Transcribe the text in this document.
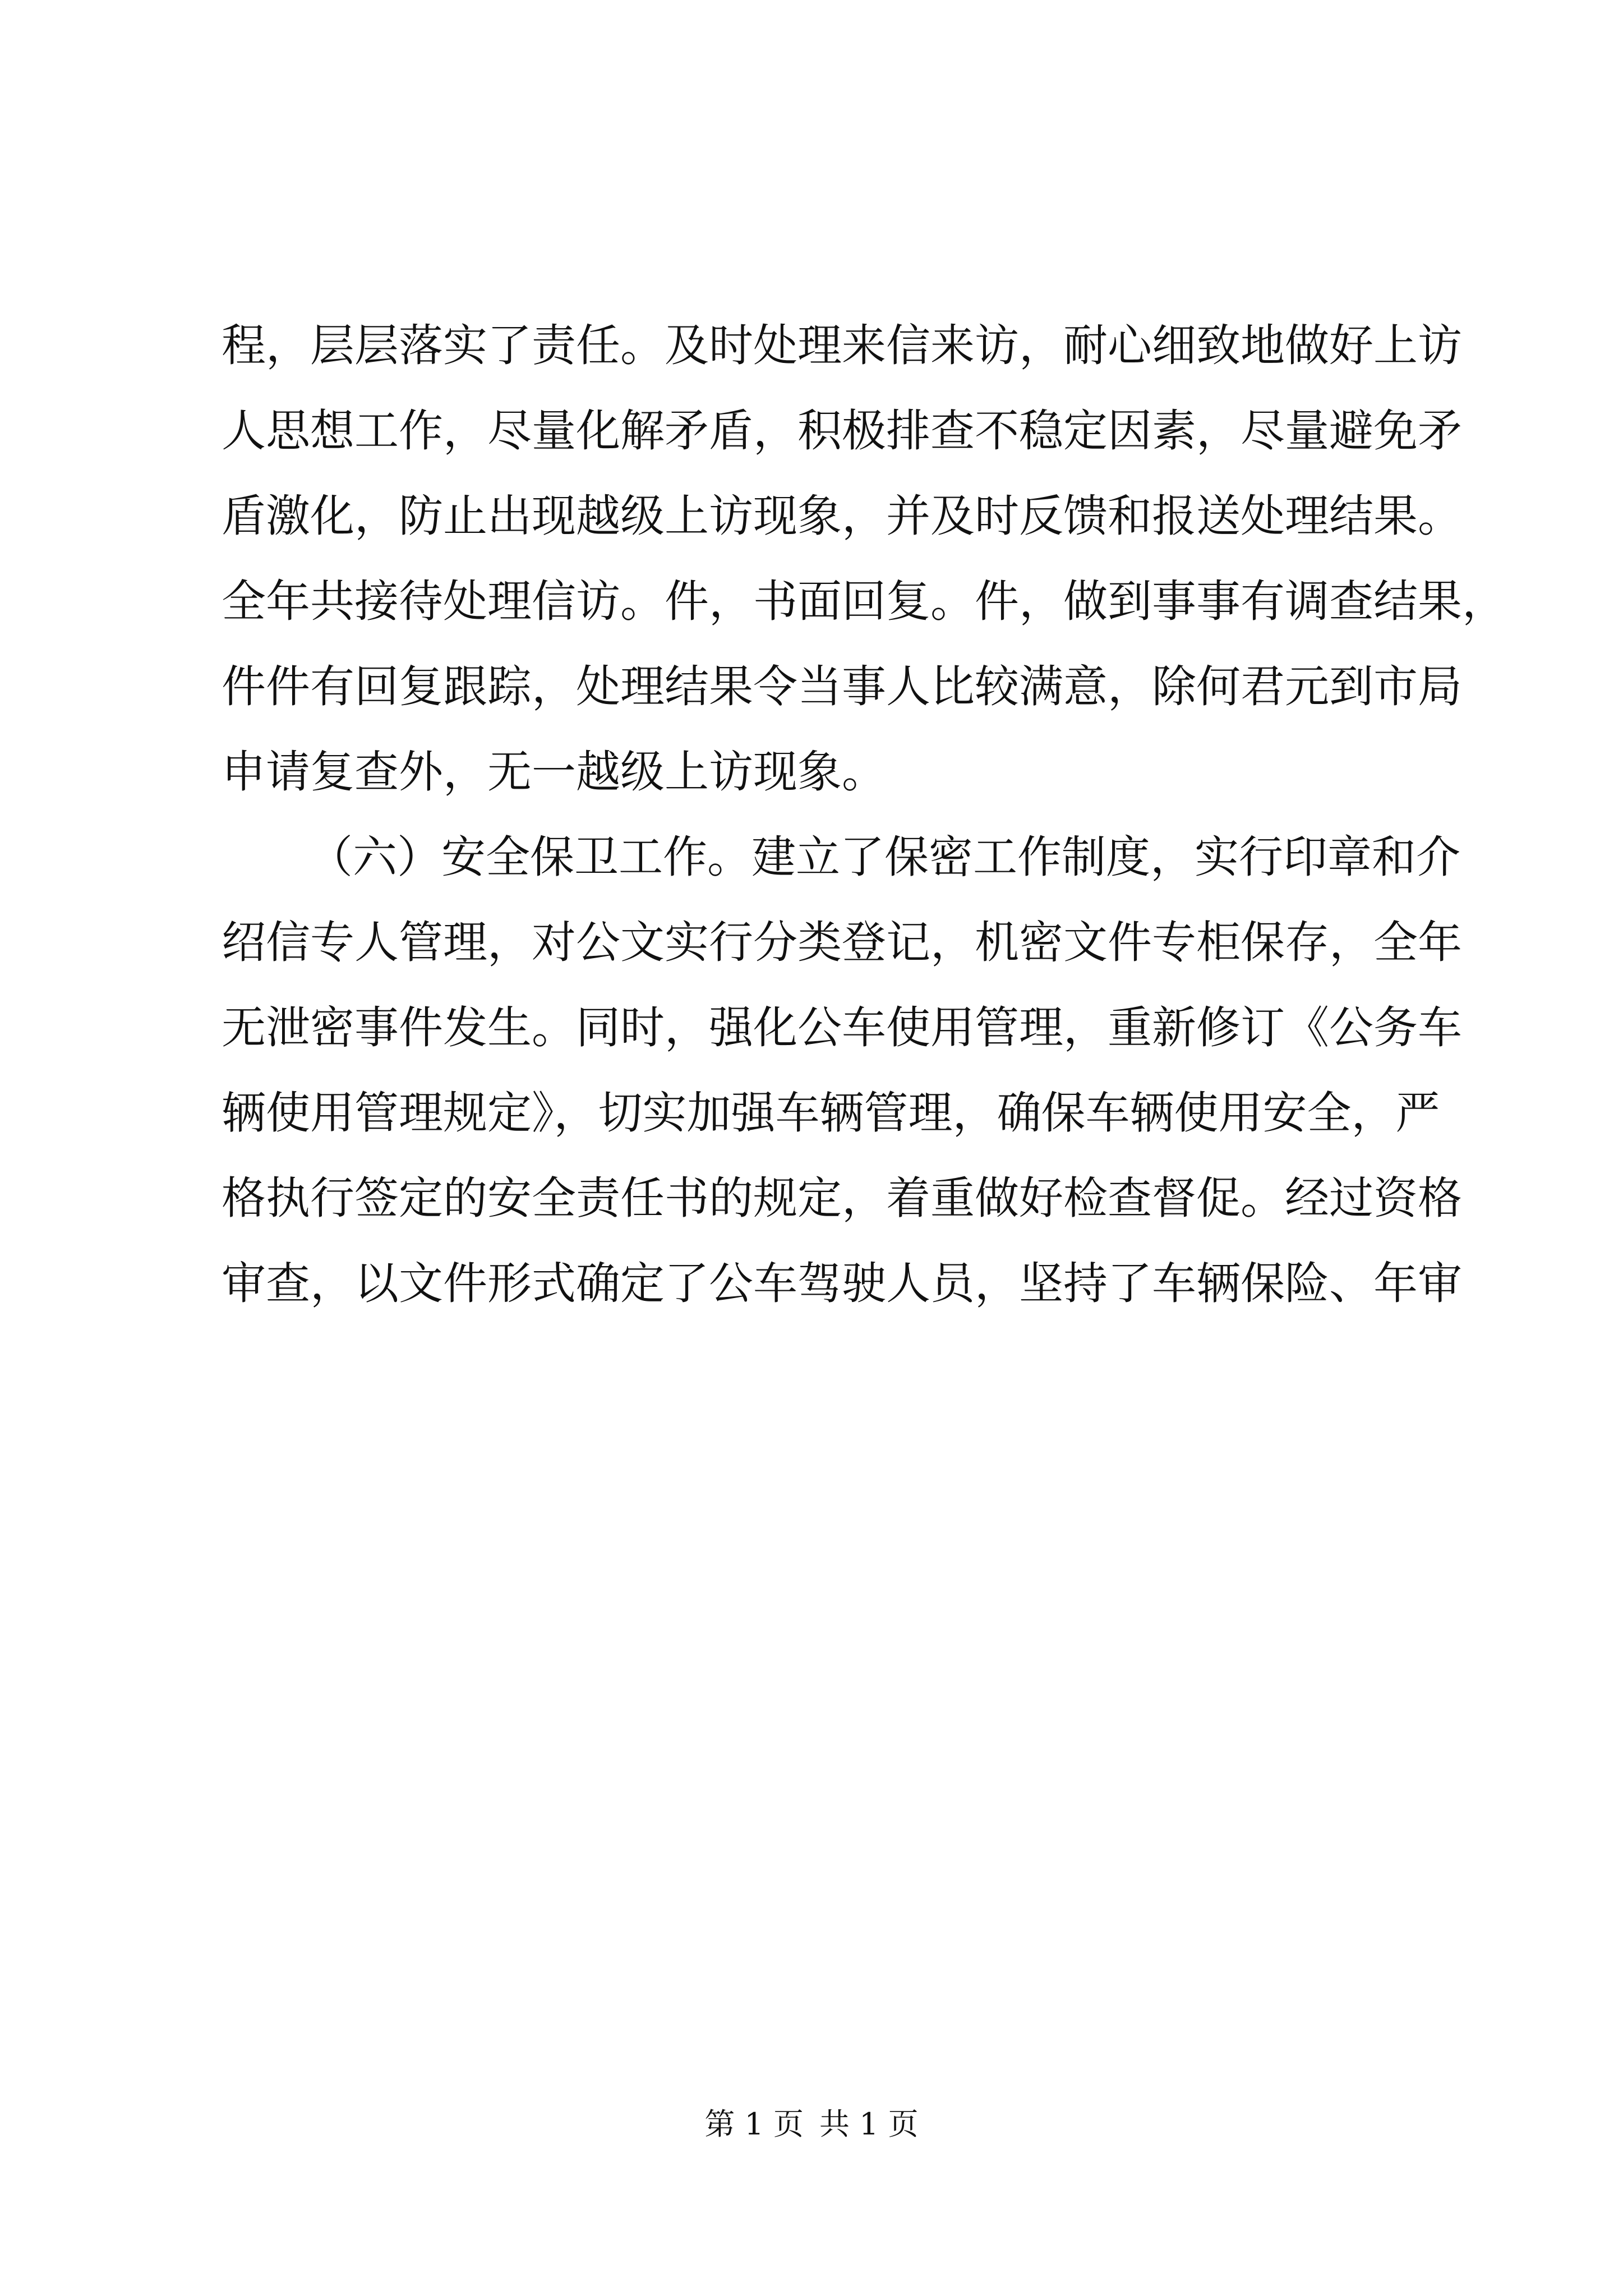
程，层层落实了责任。及时处理来信来访，耐心细致地做好上访
人思想工作，尽量化解矛盾，积极排查不稳定因素，尽量避免矛
盾激化，防止出现越级上访现象，并及时反馈和报送处理结果。
全年共接待处理信访。件，书面回复。件，做到事事有调查结果，
件件有回复跟踪，处理结果令当事人比较满意，除何君元到市局
申请复查外，无一越级上访现象。
（六）安全保卫工作。建立了保密工作制度，实行印章和介
绍信专人管理，对公文实行分类登记，机密文件专柜保存，全年
无泄密事件发生。同时，强化公车使用管理，重新修订《公务车
辆使用管理规定》，切实加强车辆管理，确保车辆使用安全，严
格执行签定的安全责任书的规定，着重做好检查督促。经过资格
审查，以文件形式确定了公车驾驶人员，坚持了车辆保险、年审
第 1 页 共 1 页
